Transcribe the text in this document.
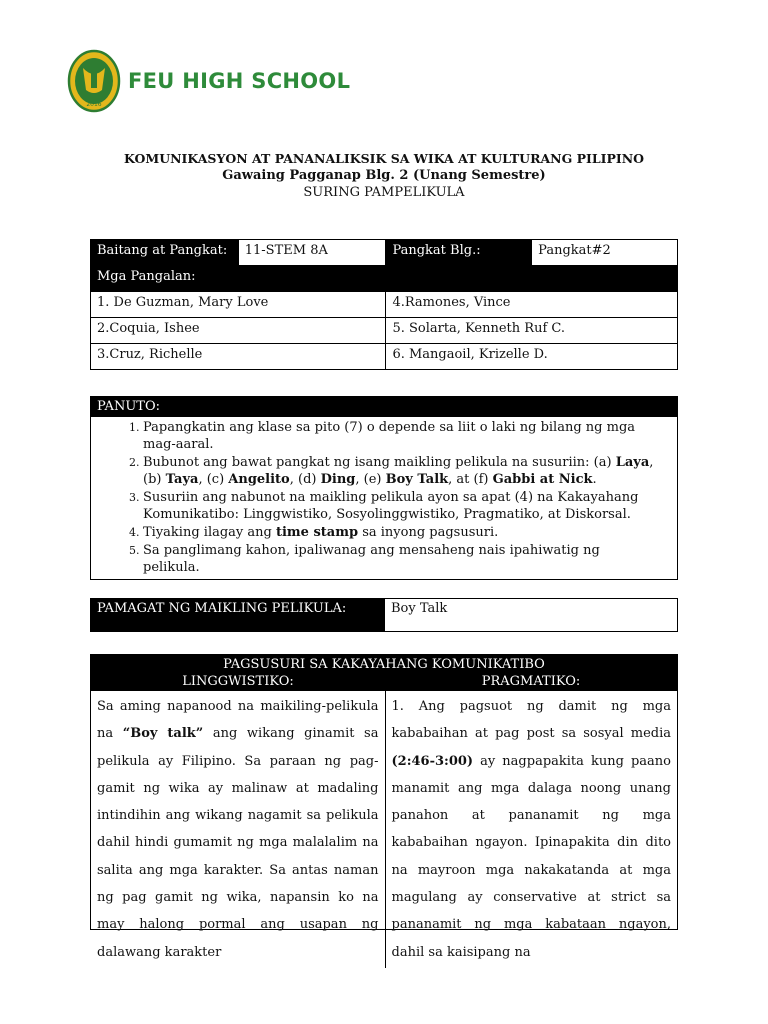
2016
FEU HIGH SCHOOL
KOMUNIKASYON AT PANANALIKSIK SA WIKA AT KULTURANG PILIPINO
Gawaing Pagganap Blg. 2 (Unang Semestre)
SURING PAMPELIKULA
Baitang at Pangkat:	11-STEM 8A	Pangkat Blg.:	Pangkat#2
Mga Pangalan:			
1. De Guzman, Mary Love		4.Ramones, Vince	
2.Coquia, Ishee		5. Solarta, Kenneth Ruf C.	
3.Cruz, Richelle		6. Mangaoil, Krizelle D.	
PANUTO:
1. Papangkatin ang klase sa pito (7) o depende sa liit o laki ng bilang ng mga mag-aaral.
2. Bubunot ang bawat pangkat ng isang maikling pelikula na susuriin: (a) Laya, (b) Taya, (c) Angelito, (d) Ding, (e) Boy Talk, at (f) Gabbi at Nick.
3. Susuriin ang nabunot na maikling pelikula ayon sa apat (4) na Kakayahang Komunikatibo: Linggwistiko, Sosyolinggwistiko, Pragmatiko, at Diskorsal.
4. Tiyaking ilagay ang time stamp sa inyong pagsusuri.
5. Sa panglimang kahon, ipaliwanag ang mensaheng nais ipahiwatig ng pelikula.
PAMAGAT NG MAIKLING PELIKULA:	Boy Talk
PAGSUSURI SA KAKAYAHANG KOMUNIKATIBO
LINGGWISTIKO:	PRAGMATIKO:
Sa aming napanood na maikiling-pelikula na “Boy talk” ang wikang ginamit sa pelikula ay Filipino. Sa paraan ng pag-gamit ng wika ay malinaw at madaling intindihin ang wikang nagamit sa pelikula dahil hindi gumamit ng mga malalalim na salita ang mga karakter. Sa antas naman ng pag gamit ng wika, napansin ko na may halong pormal ang usapan ng dalawang karakter
1. Ang pagsuot ng damit ng mga kababaihan at pag post sa sosyal media (2:46-3:00) ay nagpapakita kung paano manamit ang mga dalaga noong unang panahon at pananamit ng mga kababaihan ngayon. Ipinapakita din dito na mayroon mga nakakatanda at mga magulang ay conservative at strict sa pananamit ng mga kabataan ngayon, dahil sa kaisipang na
